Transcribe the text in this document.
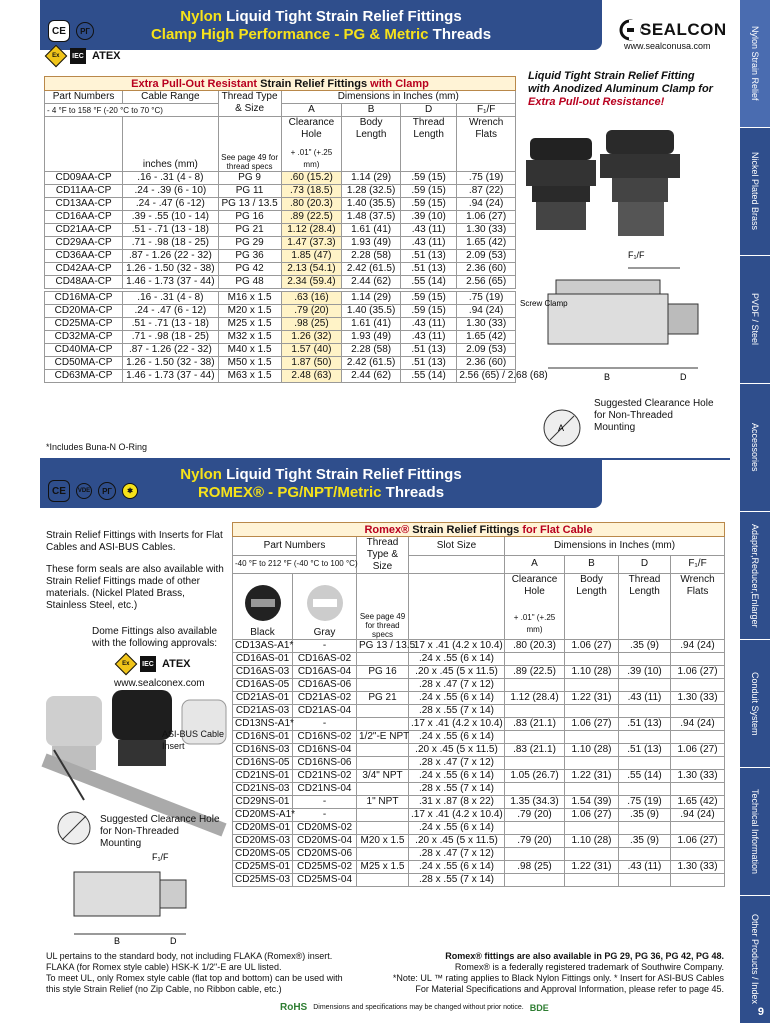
Nylon Strain Relief
Nickel Plated Brass
PVDF / Steel
Accessories
Adapter,Reducer,Enlarger
Conduit System
Technical Information
Other Products / Index
9
Nylon Liquid Tight Strain Relief Fittings
Clamp High Performance - PG & Metric Threads
CE	PГ
Ex	IEC ATEX
SEALCON
www.sealconusa.com
Extra Pull-Out Resistant Strain Relief Fittings with Clamp						
Part Numbers	Cable Range	Thread Type & Size	Dimensions in Inches (mm)			
- 4 °F to 158 °F (-20 °C to 70 °C)			A	B	D	F₁/F
	inches (mm)	See page 49 for thread specs	Clearance Hole
+ .01" (+.25 mm)	Body Length	Thread Length	Wrench Flats
CD09AA-CP	.16 - .31 (4 - 8)	PG 9	.60 (15.2)	1.14 (29)	.59 (15)	.75 (19)
CD11AA-CP	.24 - .39 (6 - 10)	PG 11	.73 (18.5)	1.28 (32.5)	.59 (15)	.87 (22)
CD13AA-CP	.24 - .47 (6 -12)	PG 13 / 13.5	.80 (20.3)	1.40 (35.5)	.59 (15)	.94 (24)
CD16AA-CP	.39 - .55 (10 - 14)	PG 16	.89 (22.5)	1.48 (37.5)	.39 (10)	1.06 (27)
CD21AA-CP	.51 - .71 (13 - 18)	PG 21	1.12 (28.4)	1.61 (41)	.43 (11)	1.30 (33)
CD29AA-CP	.71 - .98 (18 - 25)	PG 29	1.47 (37.3)	1.93 (49)	.43 (11)	1.65 (42)
CD36AA-CP	.87 - 1.26 (22 - 32)	PG 36	1.85 (47)	2.28 (58)	.51 (13)	2.09 (53)
CD42AA-CP	1.26 - 1.50 (32 - 38)	PG 42	2.13 (54.1)	2.42 (61.5)	.51 (13)	2.36 (60)
CD48AA-CP	1.46 - 1.73 (37 - 44)	PG 48	2.34 (59.4)	2.44 (62)	.55 (14)	2.56 (65)

CD16MA-CP	.16 - .31 (4 - 8)	M16 x 1.5	.63 (16)	1.14 (29)	.59 (15)	.75 (19)
CD20MA-CP	.24 - .47 (6 - 12)	M20 x 1.5	.79 (20)	1.40 (35.5)	.59 (15)	.94 (24)
CD25MA-CP	.51 - .71 (13 - 18)	M25 x 1.5	.98 (25)	1.61 (41)	.43 (11)	1.30 (33)
CD32MA-CP	.71 - .98 (18 - 25)	M32 x 1.5	1.26 (32)	1.93 (49)	.43 (11)	1.65 (42)
CD40MA-CP	.87 - 1.26 (22 - 32)	M40 x 1.5	1.57 (40)	2.28 (58)	.51 (13)	2.09 (53)
CD50MA-CP	1.26 - 1.50 (32 - 38)	M50 x 1.5	1.87 (50)	2.42 (61.5)	.51 (13)	2.36 (60)
CD63MA-CP	1.46 - 1.73 (37 - 44)	M63 x 1.5	2.48 (63)	2.44 (62)	.55 (14)	2.56 (65) / 2.68 (68)
*Includes Buna-N O-Ring
Liquid Tight Strain Relief Fitting
with Anodized Aluminum Clamp for
Extra Pull-out Resistance!
F₁/F
Screw Clamp
B	D
A
Suggested Clearance Hole for Non-Threaded Mounting
Nylon Liquid Tight Strain Relief Fittings
ROMEX® - PG/NPT/Metric Threads
CE	VDE	PГ	✱
Strain Relief Fittings with Inserts for Flat Cables and ASI-BUS Cables.
These form seals are also available with Strain Relief Fittings made of other materials. (Nickel Plated Brass, Stainless Steel, etc.)
Dome Fittings also available with the following approvals:
Ex	IEC ATEX
www.sealconex.com
ASI-BUS Cable Insert
Suggested Clearance Hole for Non-Threaded Mounting
F₁/F
B	D
Romex® Strain Relief Fittings for Flat Cable							
Part Numbers		Thread Type & Size	Slot Size	Dimensions in Inches (mm)			
-40 °F to 212 °F (-40 °C to 100 °C)				A	B	D	F₁/F

Black	Gray	See page 49 for thread specs		Clearance Hole
+ .01" (+.25 mm)	Body Length	Thread Length	Wrench Flats
CD13AS-A1*	-	PG 13 / 13.5	.17 x .41 (4.2 x 10.4)	.80 (20.3)	1.06 (27)	.35 (9)	.94 (24)
CD16AS-01	CD16AS-02		.24 x .55 (6 x 14)				
CD16AS-03	CD16AS-04	PG 16	.20 x .45 (5 x 11.5)	.89 (22.5)	1.10 (28)	.39 (10)	1.06 (27)
CD16AS-05	CD16AS-06		.28 x .47 (7 x 12)				
CD21AS-01	CD21AS-02	PG 21	.24 x .55 (6 x 14)	1.12 (28.4)	1.22 (31)	.43 (11)	1.30 (33)
CD21AS-03	CD21AS-04		.28 x .55 (7 x 14)				
CD13NS-A1*	-		.17 x .41 (4.2 x 10.4)	.83 (21.1)	1.06 (27)	.51 (13)	.94 (24)
CD16NS-01	CD16NS-02	1/2"-E NPT	.24 x .55 (6 x 14)				
CD16NS-03	CD16NS-04		.20 x .45 (5 x 11.5)	.83 (21.1)	1.10 (28)	.51 (13)	1.06 (27)
CD16NS-05	CD16NS-06		.28 x .47 (7 x 12)				
CD21NS-01	CD21NS-02	3/4" NPT	.24 x .55 (6 x 14)	1.05 (26.7)	1.22 (31)	.55 (14)	1.30 (33)
CD21NS-03	CD21NS-04		.28 x .55 (7 x 14)				
CD29NS-01	-	1" NPT	.31 x .87 (8 x 22)	1.35 (34.3)	1.54 (39)	.75 (19)	1.65 (42)
CD20MS-A1*	-		.17 x .41 (4.2 x 10.4)	.79 (20)	1.06 (27)	.35 (9)	.94 (24)
CD20MS-01	CD20MS-02		.24 x .55 (6 x 14)				
CD20MS-03	CD20MS-04	M20 x 1.5	.20 x .45 (5 x 11.5)	.79 (20)	1.10 (28)	.35 (9)	1.06 (27)
CD20MS-05	CD20MS-06		.28 x .47 (7 x 12)				
CD25MS-01	CD25MS-02	M25 x 1.5	.24 x .55 (6 x 14)	.98 (25)	1.22 (31)	.43 (11)	1.30 (33)
CD25MS-03	CD25MS-04		.28 x .55 (7 x 14)				
UL pertains to the standard body, not including FLAKA (Romex®) insert.
FLAKA (for Romex style cable) HSK-K 1/2"-E are UL listed.
To meet UL, only Romex style cable (flat top and bottom) can be used with
this style Strain Relief (no Zip Cable, no Ribbon cable, etc.)
Romex® fittings are also available in PG 29, PG 36, PG 42, PG 48.
Romex® is a federally registered trademark of Southwire Company.
*Note: UL ™ rating applies to Black Nylon Fittings only. * Insert for ASI-BUS Cables
For Material Specifications and Approval Information, please refer to page 45.
RoHS Dimensions and specifications may be changed without prior notice. BDE
